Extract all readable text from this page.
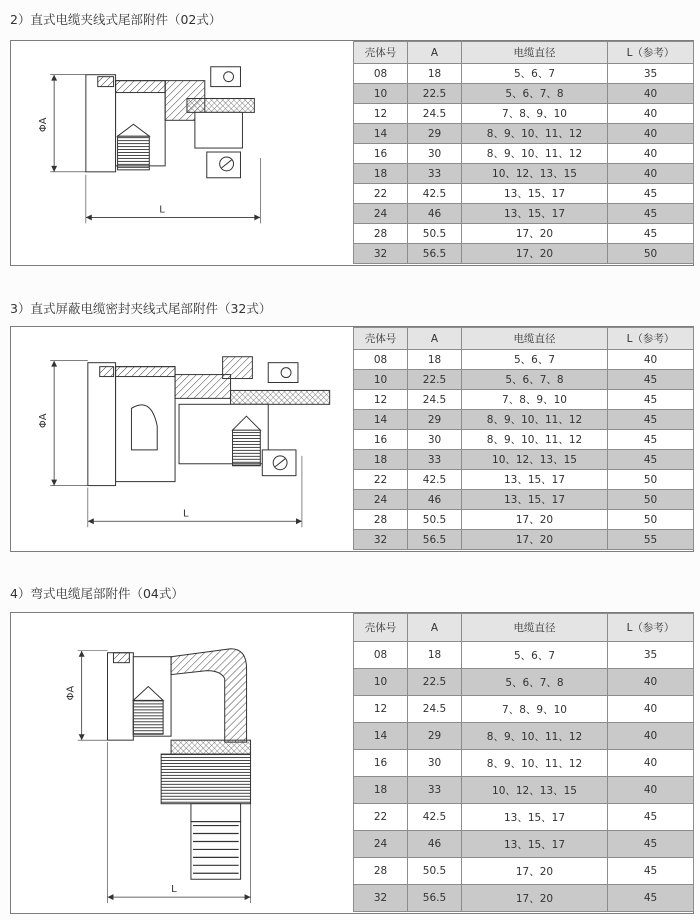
2）直式电缆夹线式尾部附件（02式）
ΦA
L
壳体号	A	电缆直径	L（参考）
08	18	5、6、7	35
10	22.5	5、6、7、8	40
12	24.5	7、8、9、10	40
14	29	8、9、10、11、12	40
16	30	8、9、10、11、12	40
18	33	10、12、13、15	40
22	42.5	13、15、17	45
24	46	13、15、17	45
28	50.5	17、20	45
32	56.5	17、20	50
3）直式屏蔽电缆密封夹线式尾部附件（32式）
ΦA
L
壳体号	A	电缆直径	L（参考）
08	18	5、6、7	40
10	22.5	5、6、7、8	45
12	24.5	7、8、9、10	45
14	29	8、9、10、11、12	45
16	30	8、9、10、11、12	45
18	33	10、12、13、15	45
22	42.5	13、15、17	50
24	46	13、15、17	50
28	50.5	17、20	50
32	56.5	17、20	55
4）弯式电缆尾部附件（04式）
ΦA
L
壳体号	A	电缆直径	L（参考）
08	18	5、6、7	35
10	22.5	5、6、7、8	40
12	24.5	7、8、9、10	40
14	29	8、9、10、11、12	40
16	30	8、9、10、11、12	40
18	33	10、12、13、15	40
22	42.5	13、15、17	45
24	46	13、15、17	45
28	50.5	17、20	45
32	56.5	17、20	45
